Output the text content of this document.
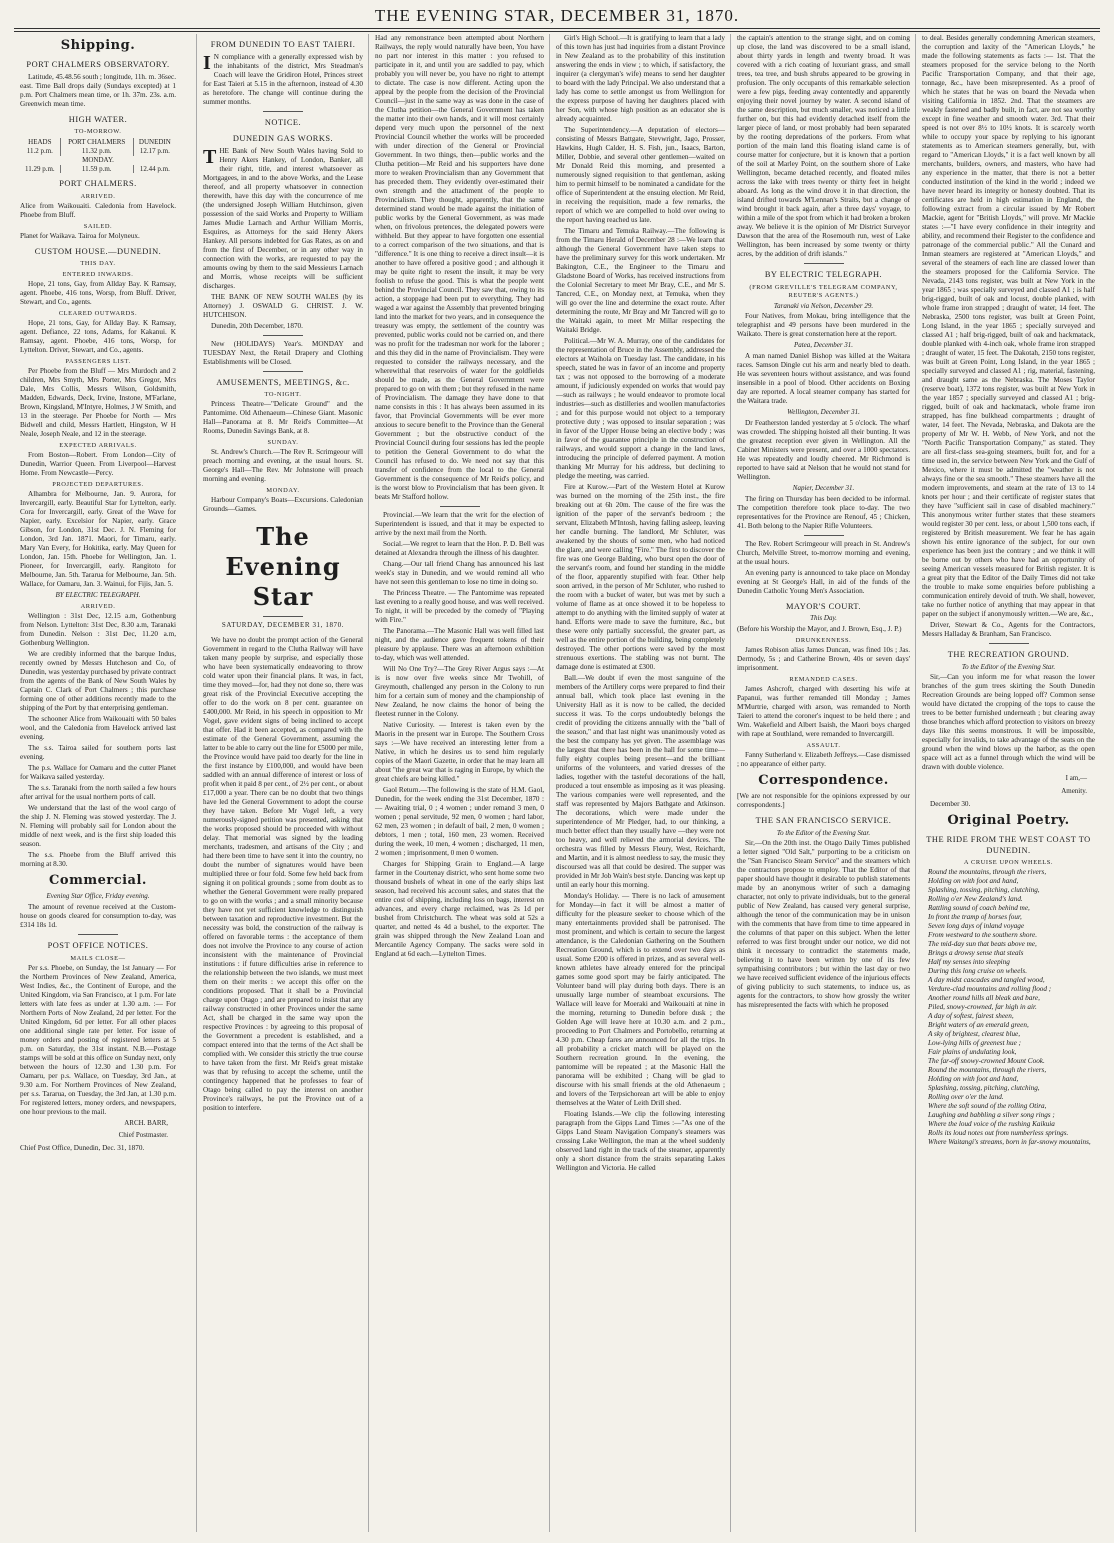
THE EVENING STAR, DECEMBER 31, 1870.
Shipping.
PORT CHALMERS OBSERVATORY.

Latitude, 45.48.56 south ; longitude, 11h. m. 36sec. east. Time Ball drops daily (Sundays excepted) at 1 p.m. Port Chalmers mean time, or 1h. 37m. 23s. a.m. Greenwich mean time.

HIGH WATER.
TO-MORROW.
HEADS	PORT CHALMERS	DUNEDIN
11.2 p.m.	11.32 p.m.	12.17 p.m.
MONDAY.		
11.29 p.m.	11.59 p.m.	12.44 p.m.
PORT CHALMERS.
ARRIVED.

Alice from Waikouaiti. Caledonia from Havelock. Phoebe from Bluff.

SAILED.

Planet for Waikava. Tairoa for Molyneux.

CUSTOM HOUSE.—DUNEDIN.
THIS DAY.
ENTERED INWARDS.

Hope, 21 tons, Gay, from Allday Bay. K Ramsay, agent. Phoebe, 416 tons, Worsp, from Bluff. Driver, Stewart, and Co., agents.

CLEARED OUTWARDS.

Hope, 21 tons, Gay, for Allday Bay. K Ramsay, agent. Defiance, 22 tons, Adams, for Kakanui. K Ramsay, agent. Phoebe, 416 tons, Worsp, for Lyttelton. Driver, Stewart, and Co., agents.

PASSENGERS LIST.

Per Phoebe from the Bluff — Mrs Murdoch and 2 children, Mrs Smyth, Mrs Porter, Mrs Gregor, Mrs Dale, Mrs Collis, Messrs Wilson, Goldsmith, Madden, Edwards, Deck, Irvine, Instone, M'Farlane, Brown, Kingsland, M'Intyre, Holmes, J W Smith, and 13 in the steerage. Per Phoebe for North — Mrs Bidwell and child, Messrs Hartlett, Hingston, W H Neale, Joseph Neale, and 12 in the steerage.

EXPECTED ARRIVALS.

From Boston—Robert. From London—City of Dunedin, Warrior Queen. From Liverpool—Harvest Home. From Newcastle—Percy.

PROJECTED DEPARTURES.

Alhambra for Melbourne, Jan. 9. Aurora, for Invercargill, early. Beautiful Star for Lyttelton, early. Cora for Invercargill, early. Great of the Wave for Napier, early. Excelsior for Napier, early. Grace Gibson, for London, 31st Dec. J. N. Fleming for London, 3rd Jan. 1871. Maori, for Timaru, early. Mary Van Every, for Hokitika, early. May Queen for London, Jan. 15th. Phoebe for Wellington, Jan. 1. Pioneer, for Invercargill, early. Rangitoto for Melbourne, Jan. 5th. Tararua for Melbourne, Jan. 5th. Wallace, for Oamaru, Jan. 3. Wainui, for Fijis, Jan. 5.

BY ELECTRIC TELEGRAPH.
ARRIVED.

Wellington : 31st Dec, 12.15 a.m, Gothenburg from Nelson. Lyttelton: 31st Dec, 8.30 a.m, Taranaki from Dunedin. Nelson : 31st Dec, 11.20 a.m, Gothenburg Wellington.

We are credibly informed that the barque Indus, recently owned by Messrs Hutcheson and Co, of Dunedin, was yesterday purchased by private contract from the agents of the Bank of New South Wales by Captain C. Clark of Port Chalmers ; this purchase forming one of other additions recently made to the shipping of the Port by that enterprising gentleman.

The schooner Alice from Waikouaiti with 50 bales wool, and the Caledonia from Havelock arrived last evening.

The s.s. Tairoa sailed for southern ports last evening.

The p.s. Wallace for Oamaru and the cutter Planet for Waikava sailed yesterday.

The s.s. Taranaki from the north sailed a few hours after arrival for the usual northern ports of call.

We understand that the last of the wool cargo of the ship J. N. Fleming was stowed yesterday. The J. N. Fleming will probably sail for London about the middle of next week, and is the first ship loaded this season.

The s.s. Phoebe from the Bluff arrived this morning at 8.30.

Commercial.
Evening Star Office, Friday evening.

The amount of revenue received at the Custom-house on goods cleared for consumption to-day, was £314 18s 1d.

POST OFFICE NOTICES.
MAILS CLOSE—

Per s.s. Phoebe, on Sunday, the 1st January — For the Northern Provinces of New Zealand, America, West Indies, &c., the Continent of Europe, and the United Kingdom, via San Francisco, at 1 p.m. For late letters with late fees as under at 1.30 a.m. :— For Northern Ports of Now Zealand, 2d per letter. For the United Kingdom, 6d per letter. For all other places one additional single rate per letter. For issue of money orders and posting of registered letters at 5 p.m. on Saturday, the 31st instant. N.B.—Postage stamps will be sold at this office on Sunday next, only between the hours of 12.30 and 1.30 p.m. For Oamaru, per p.s. Wallace, on Tuesday, 3rd Jan., at 9.30 a.m. For Northern Provinces of New Zealand, per s.s. Tararua, on Tuesday, the 3rd Jan, at 1.30 p.m. For registered letters, money orders, and newspapers, one hour previous to the mail.

ARCH. BARR,
Chief Postmaster.

Chief Post Office, Dunedin, Dec. 31, 1870.

FROM DUNEDIN TO EAST TAIERI.

I N compliance with a generally expressed wish by the inhabitants of the district, Mrs Steadman's Coach will leave the Gridiron Hotel, Princes street for East Taieri at 5.15 in the afternoon, instead of 4.30 as heretofore. The change will continue during the summer months.

NOTICE.
DUNEDIN GAS WORKS.

THE Bank of New South Wales having Sold to Henry Akers Hankey, of London, Banker, all their right, title, and interest whatsoever as Mortgagees, in and to the above Works, and the Lease thereof, and all property whatsoever in connection therewith, have this day with the concurrence of me (the undersigned Joseph William Hutchinson, given possession of the said Works and Property to William James Mudie Larnach and Arthur William Morris, Esquires, as Attorneys for the said Henry Akers Hankey. All persons indebted for Gas Rates, as on and from the first of December, or in any other way in connection with the works, are requested to pay the amounts owing by them to the said Messieurs Larnach and Morris, whose receipts will be sufficient discharges.

THE BANK OF NEW SOUTH WALES (by its Attorney) J. OSWALD G. CHRIST. J. W. HUTCHISON.

Dunedin, 20th December, 1870.

New (HOLIDAYS) Year's. MONDAY and TUESDAY Next, the Retail Drapery and Clothing Establishments will be Closed.

AMUSEMENTS, MEETINGS, &c.
TO-NIGHT.

Princess Theatre—"Delicate Ground" and the Pantomime. Old Athenaeum—Chinese Giant. Masonic Hall—Panorama at 8. Mr Reid's Committee—At Rooms, Dunedin Savings Bank, at 8.

SUNDAY.

St. Andrew's Church.—The Rev R. Scrimgeour will preach morning and evening, at the usual hours. St. George's Hall—The Rev. Mr Johnstone will preach morning and evening.

MONDAY.

Harbour Company's Boats—Excursions. Caledonian Grounds—Games.

The Evening Star
SATURDAY, DECEMBER 31, 1870.

We have no doubt the prompt action of the General Government in regard to the Clutha Railway will have taken many people by surprise, and especially those who have been systematically endeavoring to throw cold water upon their financial plans. It was, in fact, time they moved—for, had they not done so, there was great risk of the Provincial Executive accepting the offer to do the work on 8 per cent. guarantee on £400,000. Mr Reid, in his speech in opposition to Mr Vogel, gave evident signs of being inclined to accept that offer. Had it been accepted, as compared with the estimate of the General Government, assuming the latter to be able to carry out the line for £5000 per mile, the Province would have paid too dearly for the line in the first instance by £100,000, and would have been saddled with an annual difference of interest or loss of profit when it paid 8 per cent., of 2½ per cent., or about £17,000 a year. There can be no doubt that two things have led the General Government to adopt the course they have taken. Before Mr Vogel left, a very numerously-signed petition was presented, asking that the works proposed should be proceeded with without delay. That memorial was signed by the leading merchants, tradesmen, and artisans of the City ; and had there been time to have sent it into the country, no doubt the number of signatures would have been multiplied three or four fold. Some few held back from signing it on political grounds ; some from doubt as to whether the General Government were really prepared to go on with the works ; and a small minority because they have not yet sufficient knowledge to distinguish between taxation and reproductive investment. But the necessity was bold, the construction of the railway is offered on favorable terms : the acceptance of them does not involve the Province to any course of action inconsistent with the maintenance of Provincial institutions : if future difficulties arise in reference to the relationship between the two islands, we must meet them on their merits : we accept this offer on the conditions proposed. That it shall be a Provincial charge upon Otago ; and are prepared to insist that any railway constructed in other Provinces under the same Act, shall be charged in the same way upon the respective Provinces : by agreeing to this proposal of the Government a precedent is established, and a compact entered into that the terms of the Act shall be complied with. We consider this strictly the true course to have taken from the first. Mr Reid's great mistake was that by refusing to accept the scheme, until the contingency happened that he professes to fear of Otago being called to pay the interest on another Province's railways, he put the Province out of a position to interfere.

Had any remonstrance been attempted about Northern Railways, the reply would naturally have been, You have no part nor interest in this matter : you refused to participate in it, and until you are saddled to pay, which probably you will never be, you have no right to attempt to dictate. The case is now different. Acting upon the appeal by the people from the decision of the Provincial Council—just in the same way as was done in the case of the Clutha petition—the General Government has taken the matter into their own hands, and it will most certainly depend very much upon the personnel of the next Provincial Council whether the works will be proceeded with under direction of the General or Provincial Government. In two things, then—public works and the Clutha petition—Mr Reid and his supporters have done more to weaken Provincialism than any Government that has preceded them. They evidently over-estimated their own strength and the attachment of the people to Provincialism. They thought, apparently, that the same determined stand would be made against the initiation of public works by the General Government, as was made when, on frivolous pretences, the delegated powers were withheld. But they appear to have forgotten one essential to a correct comparison of the two situations, and that is "difference." It is one thing to receive a direct insult—it is another to have offered a positive good ; and although it may be quite right to resent the insult, it may be very foolish to refuse the good. This is what the people went behind the Provincial Council. They saw that, owing to its action, a stoppage had been put to everything. They had waged a war against the Assembly that prevented bringing land into the market for two years, and in consequence the treasury was empty, the settlement of the country was prevented, public works could not be carried on, and there was no profit for the tradesman nor work for the laborer ; and this they did in the name of Provincialism. They were requested to consider the railways necessary, and the wherewithal that reservoirs of water for the goldfields should be made, as the General Government were prepared to go on with them ; but they refused in the name of Provincialism. The damage they have done to that name consists in this : It has always been assumed in its favor, that Provincial Governments will be ever more anxious to secure benefit to the Province than the General Government ; but the obstructive conduct of the Provincial Council during four sessions has led the people to petition the General Government to do what the Council has refused to do. We need not say that this transfer of confidence from the local to the General Government is the consequence of Mr Reid's policy, and is the worst blow to Provincialism that has been given. It beats Mr Stafford hollow.

Provincial.—We learn that the writ for the election of Superintendent is issued, and that it may be expected to arrive by the next mail from the North.

Social.—We regret to learn that the Hon. P. D. Bell was detained at Alexandra through the illness of his daughter.

Chang.—Our tall friend Chang has announced his last week's stay in Dunedin, and we would remind all who have not seen this gentleman to lose no time in doing so.

The Princess Theatre. — The Pantomime was repeated last evening to a really good house, and was well received. To night, it will be preceded by the comedy of "Playing with Fire."

The Panorama.—The Masonic Hall was well filled last night, and the audience gave frequent tokens of their pleasure by applause. There was an afternoon exhibition to-day, which was well attended.

Will No One Try?—The Grey River Argus says :—At is is now over five weeks since Mr Twohill, of Greymouth, challenged any person in the Colony to run him for a certain sum of money and the championship of New Zealand, he now claims the honor of being the fleetest runner in the Colony.

Native Curiosity. — Interest is taken even by the Maoris in the present war in Europe. The Southern Cross says :—We have received an interesting letter from a Native, in which he desires us to send him regularly copies of the Maori Gazette, in order that he may learn all about "the great war that is raging in Europe, by which the great chiefs are being killed."

Gaol Return.—The following is the state of H.M. Gaol, Dunedin, for the week ending the 31st December, 1870 :— Awaiting trial, 0 ; 4 women ; under remand 3 men, 0 women ; penal servitude, 92 men, 0 women ; hard labor, 62 men, 23 women ; in default of bail, 2 men, 0 women ; debtors, 1 men ; total, 160 men, 23 women. Received during the week, 10 men, 4 women ; discharged, 11 men, 2 women ; imprisonment, 0 men 0 women.

Charges for Shipping Grain to England.—A large farmer in the Courtenay district, who sent home some two thousand bushels of wheat in one of the early ships last season, had received his account sales, and states that the entire cost of shipping, including loss on bags, interest on advances, and every charge reclaimed, was 2s 1d per bushel from Christchurch. The wheat was sold at 52s a quarter, and netted 4s 4d a bushel, to the exporter. The grain was shipped through the New Zealand Loan and Mercantile Agency Company. The sacks were sold in England at 6d each.—Lyttelton Times.

Girl's High School.—It is gratifying to learn that a lady of this town has just had inquiries from a distant Province in New Zealand as to the probability of this institution answering the ends in view ; to which, if satisfactory, the inquirer (a clergyman's wife) means to send her daughter to board with the lady Principal. We also understand that a lady has come to settle amongst us from Wellington for the express purpose of having her daughters placed with her Son, with whose high position as an educator she is already acquainted.

The Superintendency.—A deputation of electors—consisting of Messrs Battgate, Stevwright, Jago, Prosser, Hawkins, Hugh Calder, H. S. Fish, jun., Isaacs, Barton, Miller, Dobbie, and several other gentlemen—waited on Mr Donald Reid this morning, and presented a numerously signed requisition to that gentleman, asking him to permit himself to be nominated a candidate for the office of Superintendent at the ensuing election. Mr Reid, in receiving the requisition, made a few remarks, the report of which we are compelled to hold over owing to the report having reached us late.

The Timaru and Temuka Railway.—The following is from the Timaru Herald of December 28 :—We learn that although the General Government have taken steps to have the preliminary survey for this work undertaken. Mr Bakington, C.E., the Engineer to the Timaru and Gladstone Board of Works, has received instructions from the Colonial Secretary to meet Mr Bray, C.E., and Mr S. Tancred, C.E., on Monday next, at Temuka, when they will go over the line and determine the exact route. After determining the route, Mr Bray and Mr Tancred will go to the Waitaki again, to meet Mr Millar respecting the Waitaki Bridge.

Political.—Mr W. A. Murray, one of the candidates for the representation of Bruce in the Assembly, addressed the electors at Waihola on Tuesday last. The candidate, in his speech, stated he was in favor of an income and property tax ; was not opposed to the borrowing of a moderate amount, if judiciously expended on works that would pay—such as railways ; he would endeavor to promote local industries—such as distilleries and woollen manufactories ; and for this purpose would not object to a temporary protective duty ; was opposed to insular separation ; was in favor of the Upper House being an elective body ; was in favor of the guarantee principle in the construction of railways, and would support a change in the land laws, introducing the principle of deferred payment. A motion thanking Mr Murray for his address, but declining to pledge the meeting, was carried.

Fire at Kurow.—Part of the Western Hotel at Kurow was burned on the morning of the 25th inst., the fire breaking out at 6h 20m. The cause of the fire was the ignition of the paper of the servant's bedroom ; the servant, Elizabeth M'Intosh, having falling asleep, leaving her candle burning. The landlord, Mr Schluter, was awakened by the shouts of some men, who had noticed the glare, and were calling "Fire." The first to discover the fire was one George Balding, who burst open the door of the servant's room, and found her standing in the middle of the floor, apparently stupified with fear. Other help soon arrived, in the person of Mr Schluter, who rushed to the room with a bucket of water, but was met by such a volume of flame as at once showed it to be hopeless to attempt to do anything with the limited supply of water at hand. Efforts were made to save the furniture, &c., but these were only partially successful, the greater part, as well as the entire portion of the building, being completely destroyed. The other portions were saved by the most strenuous exertions. The stabling was not burnt. The damage done is estimated at £300.

Ball.—We doubt if even the most sanguine of the members of the Artillery corps were prepared to find their annual ball, which took place last evening in the University Hall as it is now to be called, the decided success it was. To the corps undoubtedly belongs the credit of providing the citizens annually with the "ball of the season," and that last night was unanimously voted as the best the company has yet given. The assemblage was the largest that there has been in the hall for some time—fully eighty couples being present—and the brilliant uniforms of the volunteers, and varied dresses of the ladies, together with the tasteful decorations of the hall, produced a tout ensemble as imposing as it was pleasing. The various companies were well represented, and the staff was represented by Majors Bathgate and Atkinson. The decorations, which were made under the superintendence of Mr Pledger, had, to our thinking, a much better effect than they usually have —they were not too heavy, and well relieved the armorial devices. The orchestra was filled by Messrs Fleury, West, Reichardt, and Martin, and it is almost needless to say, the music they discoursed was all that could be desired. The supper was provided in Mr Job Wain's best style. Dancing was kept up until an early hour this morning.

Monday's Holiday. — There is no lack of amusement for Monday—in fact it will be almost a matter of difficulty for the pleasure seeker to choose which of the many entertainments provided shall be patronised. The most prominent, and which is certain to secure the largest attendance, is the Caledonian Gathering on the Southern Recreation Ground, which is to extend over two days as usual. Some £200 is offered in prizes, and as several well-known athletes have already entered for the principal games some good sport may be fairly anticipated. The Volunteer band will play during both days. There is an unusually large number of steamboat excursions. The Wallace will leave for Moeraki and Waikouaiti at nine in the morning, returning to Dunedin before dusk ; the Golden Age will leave here at 10.30 a.m. and 2 p.m., proceeding to Port Chalmers and Portobello, returning at 4.30 p.m. Cheap fares are announced for all the trips. In all probability a cricket match will be played on the Southern recreation ground. In the evening, the pantomime will be repeated ; at the Masonic Hall the panorama will be exhibited ; Chang will be glad to discourse with his small friends at the old Athenaeum ; and lovers of the Terpsichorean art will be able to enjoy themselves at the Water of Leith Drill shed.

Floating Islands.—We clip the following interesting paragraph from the Gipps Land Times :—"As one of the Gipps Land Steam Navigation Company's steamers was crossing Lake Wellington, the man at the wheel suddenly observed land right in the track of the steamer, apparently only a short distance from the straits separating Lakes Wellington and Victoria. He called

the captain's attention to the strange sight, and on coming up close, the land was discovered to be a small island, about thirty yards in length and twenty broad. It was covered with a rich coating of luxuriant grass, and small trees, tea tree, and bush shrubs appeared to be growing in profusion. The only occupants of this remarkable selection were a few pigs, feeding away contentedly and apparently enjoying their novel journey by water. A second island of the same description, but much smaller, was noticed a little further on, but this had evidently detached itself from the larger piece of land, or most probably had been separated by the rooting depredations of the porkers. From what portion of the main land this floating island came is of course matter for conjecture, but it is known that a portion of the soil at Marley Point, on the southern shore of Lake Wellington, became detached recently, and floated miles across the lake with trees twenty or thirty feet in height aboard. As long as the wind drove it in that direction, the island drifted towards M'Lennan's Straits, but a change of wind brought it back again, after a three days' voyage, to within a mile of the spot from which it had broken a broken away. We believe it is the opinion of Mr District Surveyor Dawson that the area of the Rosemouth run, west of Lake Wellington, has been increased by some twenty or thirty acres, by the addition of drift islands."

BY ELECTRIC TELEGRAPH.
(FROM GREVILLE'S TELEGRAM COMPANY, REUTER'S AGENTS.)
Taranaki via Nelson, December 29.

Four Natives, from Mokau, bring intelligence that the telegraphist and 49 persons have been murdered in the Waikato. There is great consternation here at the report.

Patea, December 31.

A man named Daniel Bishop was killed at the Waitara races. Samson Dingle cut his arm and nearly bled to death. He was seventeen hours without assistance, and was found insensible in a pool of blood. Other accidents on Boxing day are reported. A local steamer company has started for the Waitara trade.

Wellington, December 31.

Dr Featherston landed yesterday at 5 o'clock. The wharf was crowded. The shipping hoisted all their bunting. It was the greatest reception ever given in Wellington. All the Cabinet Ministers were present, and over a 1000 spectators. He was repeatedly and loudly cheered. Mr Richmond is reported to have said at Nelson that he would not stand for Wellington.

Napier, December 31.

The firing on Thursday has been decided to be informal. The competition therefore took place to-day. The two representatives for the Province are Renouf, 45 ; Chicken, 41. Both belong to the Napier Rifle Volunteers.

The Rev. Robert Scrimgeour will preach in St. Andrew's Church, Melville Street, to-morrow morning and evening, at the usual hours.

An evening party is announced to take place on Monday evening at St George's Hall, in aid of the funds of the Dunedin Catholic Young Men's Association.

MAYOR'S COURT.
This Day.

(Before his Worship the Mayor, and J. Brown, Esq., J. P.)

DRUNKENNESS.

James Robison alias James Duncan, was fined 10s ; Jas. Dermody, 5s ; and Catherine Brown, 40s or seven days' imprisonment.

REMANDED CASES.

James Ashcroft, charged with deserting his wife at Papanui, was further remanded till Monday ; James M'Murtrie, charged with arson, was remanded to North Taieri to attend the coroner's inquest to be held there ; and Wm. Wakefield and Albert Isaish, the Maori boys charged with rape at Southland, were remanded to Invercargill.

ASSAULT.

Fanny Sutherland v. Elizabeth Jeffreys.—Case dismissed ; no appearance of either party.

Correspondence.

[We are not responsible for the opinions expressed by our correspondents.]

THE SAN FRANCISCO SERVICE.
To the Editor of the Evening Star.

Sir,—On the 20th inst. the Otago Daily Times published a letter signed "Old Salt," purporting to be a criticism on the "San Francisco Steam Service" and the steamers which the contractors propose to employ. That the Editor of that paper should have thought it desirable to publish statements made by an anonymous writer of such a damaging character, not only to private individuals, but to the general public of New Zealand, has caused very general surprise, although the tenor of the communication may be in unison with the comments that have from time to time appeared in the columns of that paper on this subject. When the letter referred to was first brought under our notice, we did not think it necessary to contradict the statements made, believing it to have been written by one of its few sympathising contributors ; but within the last day or two we have received sufficient evidence of the injurious effects of giving publicity to such statements, to induce us, as agents for the contractors, to show how grossly the writer has misrepresented the facts with which he proposed

to deal. Besides generally condemning American steamers, the corruption and laxity of the "American Lloyds," he made the following statements as facts :— 1st. That the steamers proposed for the service belong to the North Pacific Transportation Company, and that their age, tonnage, &c., have been misrepresented. As a proof of which he states that he was on board the Nevada when visiting California in 1852. 2nd. That the steamers are weakly fastened and badly built, in fact, are not sea worthy except in fine weather and smooth water. 3rd. That their speed is not over 8½ to 10½ knots. It is scarcely worth while to occupy your space by replying to his ignorant statements as to American steamers generally, but, with regard to "American Lloyds," it is a fact well known by all merchants, builders, owners, and masters, who have had any experience in the matter, that there is not a better conducted institution of the kind in the world ; indeed we have never heard its integrity or honesty doubted. That its certificates are held in high estimation in England, the following extract from a circular issued by Mr Robert Mackie, agent for "British Lloyds," will prove. Mr Mackie states :—"I have every confidence in their integrity and ability, and recommend their Register to the confidence and patronage of the commercial public." All the Cunard and Inman steamers are registered at "American Lloyds," and several of the steamers of each line are classed lower than the steamers proposed for the California Service. The Nevada, 2143 tons register, was built at New York in the year 1865 ; was specially surveyed and classed A1 ; is half brig-rigged, built of oak and locust, double planked, with whole frame iron strapped ; draught of water, 14 feet. The Nebraska, 2500 tons register, was built at Green Point, Long Island, in the year 1865 ; specially surveyed and classed A1 ; half brig-rigged, built of oak and hackmatack, double planked with 4-inch oak, whole frame iron strapped ; draught of water, 15 feet. The Dakotah, 2150 tons register, was built at Green Point, Long Island, in the year 1865 ; specially surveyed and classed A1 ; rig, material, fastening, and draught same as the Nebraska. The Moses Taylor (reserve boat), 1372 tons register, was built at New York in the year 1857 ; specially surveyed and classed A1 ; brig-rigged, built of oak and hackmatack, whole frame iron strapped, has fine bulkhead compartments ; draught of water, 14 feet. The Nevada, Nebraska, and Dakota are the property of Mr W. H. Webb, of New York, and not the "North Pacific Transportation Company," as stated. They are all first-class sea-going steamers, built for, and for a time used in, the service between New York and the Gulf of Mexico, where it must be admitted the "weather is not always fine or the sea smooth." These steamers have all the modern improvements, and steam at the rate of 13 to 14 knots per hour ; and their certificate of register states that they have "sufficient sail in case of disabled machinery." This anonymous writer further states that these steamers would register 30 per cent. less, or about 1,500 tons each, if registered by British measurement. We fear he has again shown his entire ignorance of the subject, for our own experience has been just the contrary ; and we think it will be borne out by others who have had an opportunity of seeing American vessels measured for British register. It is a great pity that the Editor of the Daily Times did not take the trouble to make some enquiries before publishing a communication entirely devoid of truth. We shall, however, take no further notice of anything that may appear in that paper on the subject if anonymously written.—We are, &c.,

Driver, Stewart & Co., Agents for the Contractors, Messrs Halladay & Branham, San Francisco.

THE RECREATION GROUND.
To the Editor of the Evening Star.

Sir,—Can you inform me for what reason the lower branches of the gum trees skirting the South Dunedin Recreation Grounds are being lopped off? Common sense would have dictated the cropping of the tops to cause the trees to be better furnished underneath ; but clearing away those branches which afford protection to visitors on breezy days like this seems monstrous. It will be impossible, especially for invalids, to take advantage of the seats on the ground when the wind blows up the harbor, as the open space will act as a funnel through which the wind will be drawn with double violence.

I am,—
Amenity.

December 30.

Original Poetry.
THE RIDE FROM THE WEST COAST TO DUNEDIN.
A CRUISE UPON WHEELS.

Round the mountains, through the rivers,

Holding on with foot and hand,

Splashing, tossing, pitching, clutching,

Rolling o'er New Zealand's land.

Rattling sound of coach behind me,

In front the tramp of horses four,

Seven long days of inland voyage

From westward to the southern shore.

The mid-day sun that beats above me,

Brings a drowsy sense that steals

Half my senses into sleeping

During this long cruise on wheels.

A day midst cascades and tangled wood,

Verdure-clad mountains and rolling flood ;

Another round hills all bleak and bare,

Piled, snowy-crowned, far high in air.

A day of softest, fairest sheen,

Bright waters of an emerald green,

A sky of brightest, clearest blue,

Low-lying hills of greenest hue ;

Fair plains of undulating look,

The far-off snowy-crowned Mount Cook.

Round the mountains, through the rivers,

Holding on with foot and hand,

Splashing, tossing, pitching, clutching,

Rolling over o'er the land.

Where the soft sound of the rolling Otira,

Laughing and babbling a silver song rings ;

Where the loud voice of the rushing Kaikuia

Rolls its loud notes out from numberless springs.

Where Waitangi's streams, born in far-snowy mountains,
